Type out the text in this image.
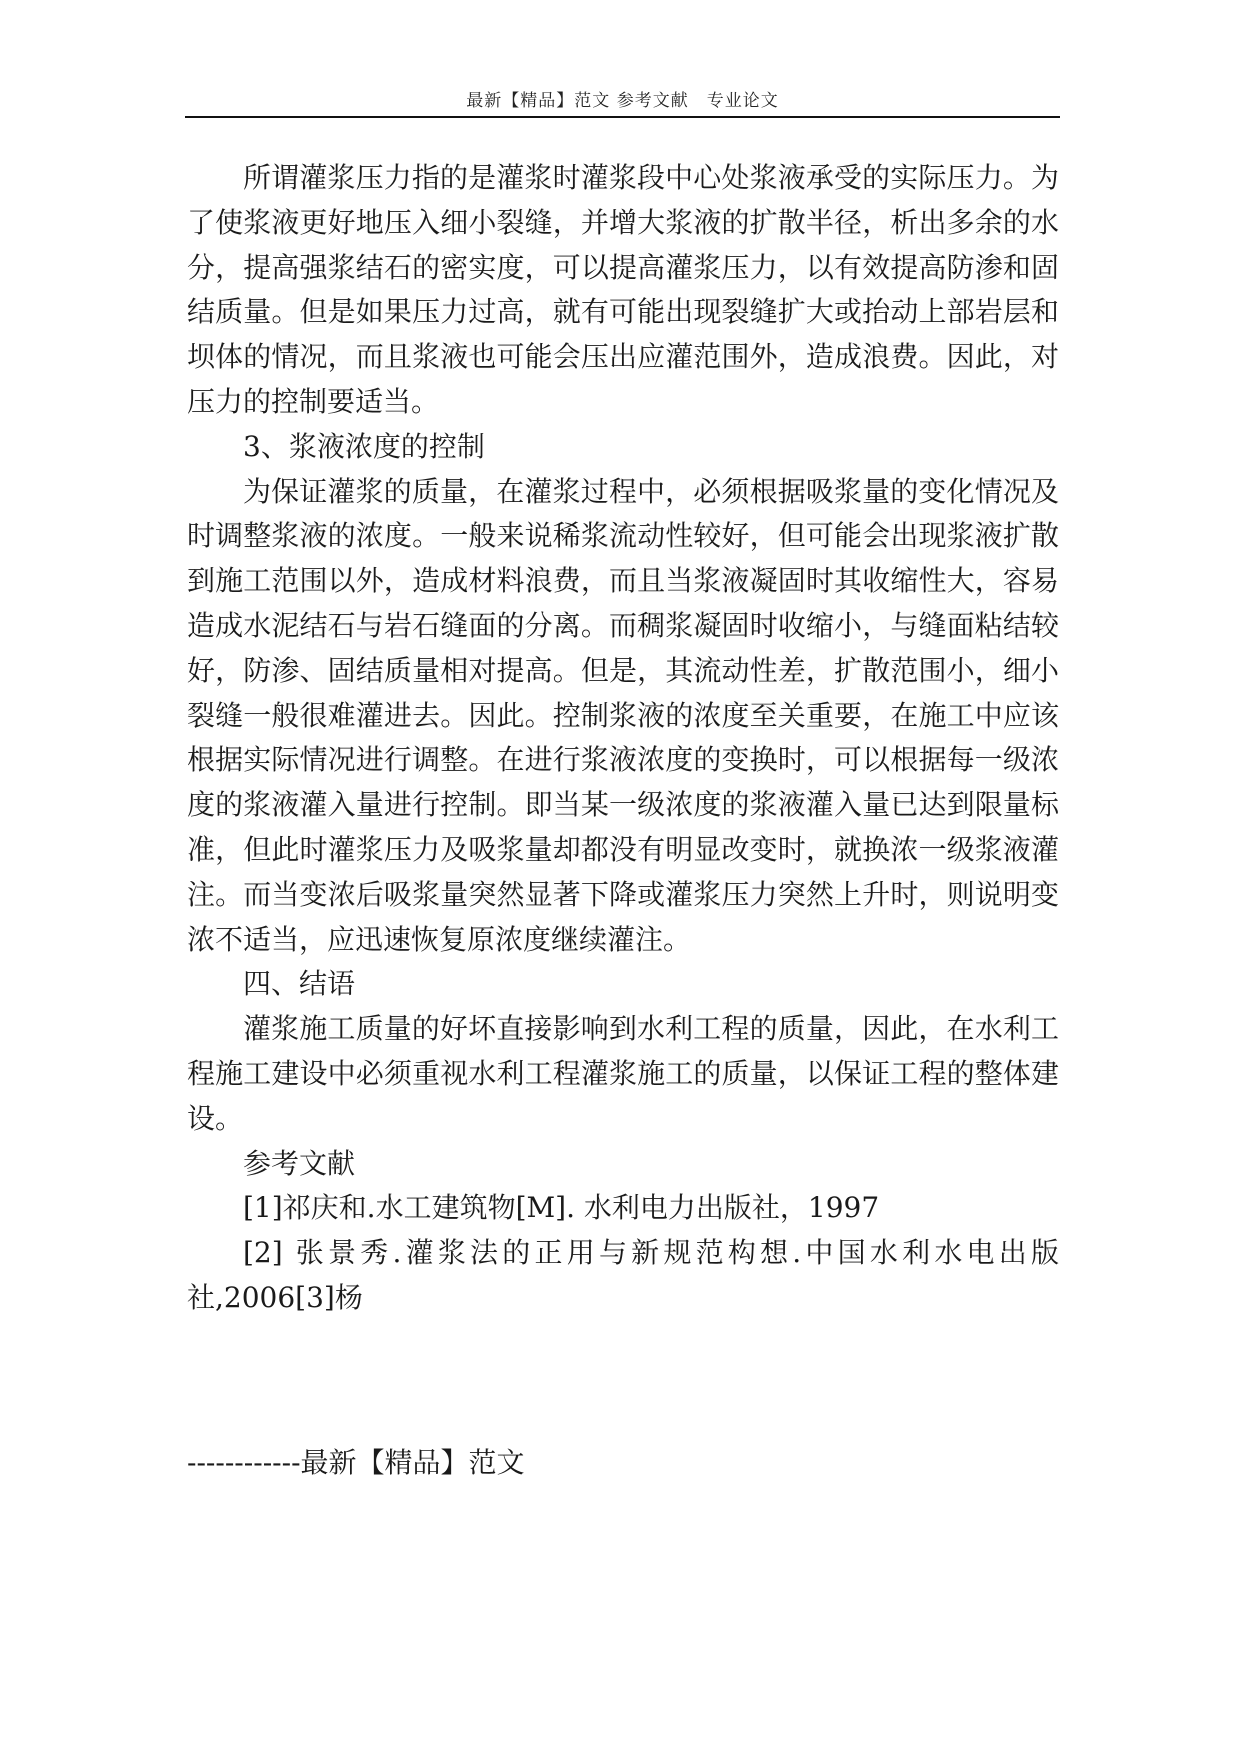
最新【精品】范文 参考文献　专业论文

所谓灌浆压力指的是灌浆时灌浆段中心处浆液承受的实际压力。为了使浆液更好地压入细小裂缝，并增大浆液的扩散半径，析出多余的水分，提高强浆结石的密实度，可以提高灌浆压力，以有效提高防渗和固结质量。但是如果压力过高，就有可能出现裂缝扩大或抬动上部岩层和坝体的情况，而且浆液也可能会压出应灌范围外，造成浪费。因此，对压力的控制要适当。

3、浆液浓度的控制

为保证灌浆的质量，在灌浆过程中，必须根据吸浆量的变化情况及时调整浆液的浓度。一般来说稀浆流动性较好，但可能会出现浆液扩散到施工范围以外，造成材料浪费，而且当浆液凝固时其收缩性大，容易造成水泥结石与岩石缝面的分离。而稠浆凝固时收缩小，与缝面粘结较好，防渗、固结质量相对提高。但是，其流动性差，扩散范围小，细小裂缝一般很难灌进去。因此。控制浆液的浓度至关重要，在施工中应该根据实际情况进行调整。在进行浆液浓度的变换时，可以根据每一级浓度的浆液灌入量进行控制。即当某一级浓度的浆液灌入量已达到限量标准，但此时灌浆压力及吸浆量却都没有明显改变时，就换浓一级浆液灌注。而当变浓后吸浆量突然显著下降或灌浆压力突然上升时，则说明变浓不适当，应迅速恢复原浓度继续灌注。

四、结语

灌浆施工质量的好坏直接影响到水利工程的质量，因此，在水利工程施工建设中必须重视水利工程灌浆施工的质量，以保证工程的整体建设。

参考文献

[1]祁庆和.水工建筑物[M]. 水利电力出版社，1997

[2] 张景秀.灌浆法的正用与新规范构想.中国水利水电出版社,2006[3]杨

------------最新【精品】范文
